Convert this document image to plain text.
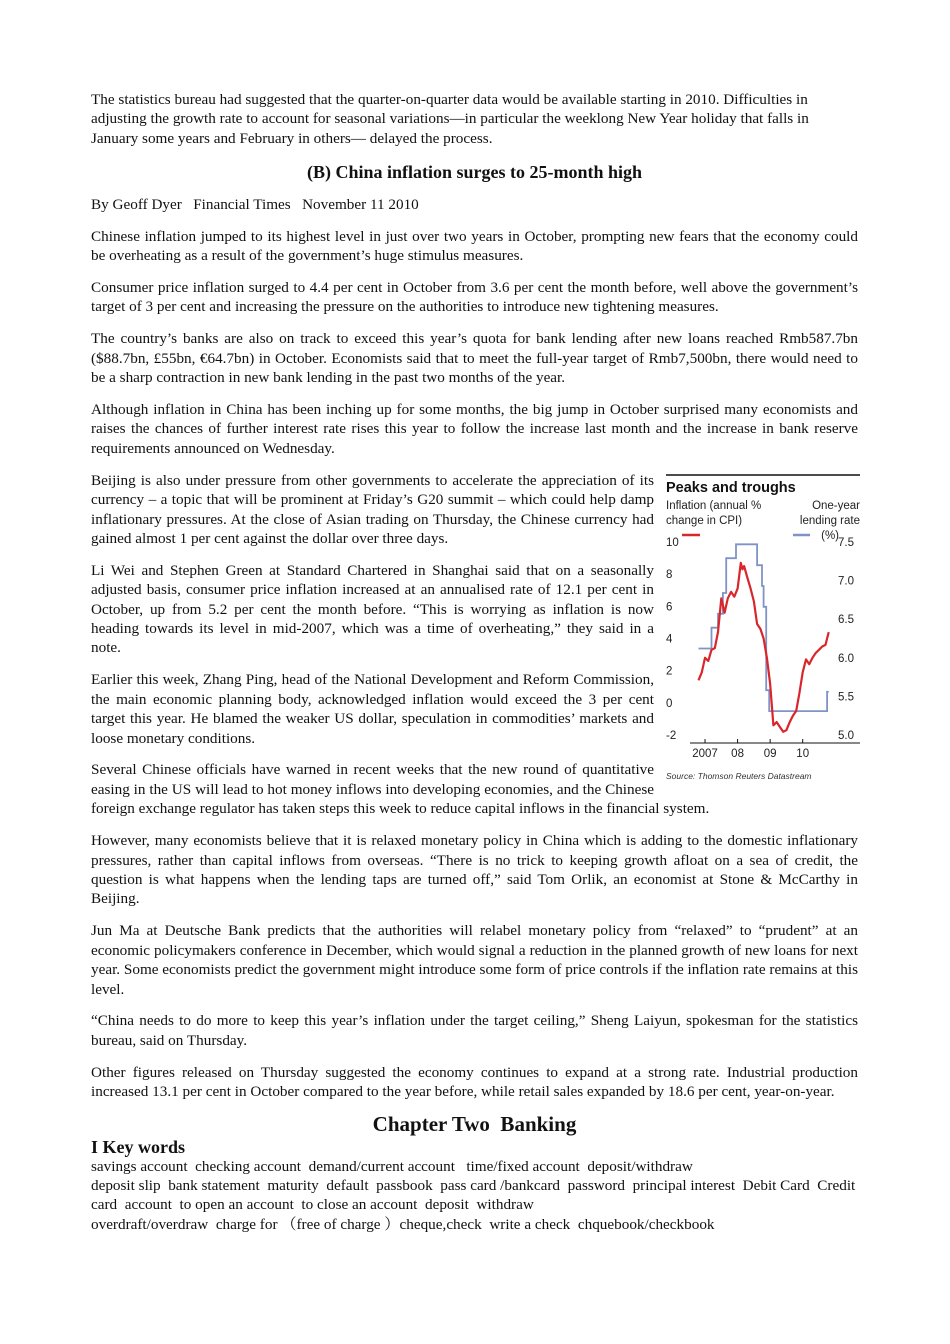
The statistics bureau had suggested that the quarter-on-quarter data would be available starting in 2010. Difficulties in adjusting the growth rate to account for seasonal variations—in particular the weeklong New Year holiday that falls in January some years and February in others— delayed the process.

(B) China inflation surges to 25-month high

By Geoff Dyer   Financial Times   November 11 2010

Chinese inflation jumped to its highest level in just over two years in October, prompting new fears that the economy could be overheating as a result of the government’s huge stimulus measures.

Consumer price inflation surged to 4.4 per cent in October from 3.6 per cent the month before, well above the government’s target of 3 per cent and increasing the pressure on the authorities to introduce new tightening measures.

The country’s banks are also on track to exceed this year’s quota for bank lending after new loans reached Rmb587.7bn ($88.7bn, £55bn, €64.7bn) in October. Economists said that to meet the full-year target of Rmb7,500bn, there would need to be a sharp contraction in new bank lending in the past two months of the year.

Although inflation in China has been inching up for some months, the big jump in October surprised many economists and raises the chances of further interest rate rises this year to follow the increase last month and the increase in bank reserve requirements announced on Wednesday.

Peaks and troughs
Inflation (annual %
change in CPI)
One-year
lending rate
(%)
10
8
6
4
2
0
-2
7.5
7.0
6.5
6.0
5.5
5.0
2007 08 09 10
Source: Thomson Reuters Datastream

Beijing is also under pressure from other governments to accelerate the appreciation of its currency – a topic that will be prominent at Friday’s G20 summit – which could help damp inflationary pressures. At the close of Asian trading on Thursday, the Chinese currency had gained almost 1 per cent against the dollar over three days.

Li Wei and Stephen Green at Standard Chartered in Shanghai said that on a seasonally adjusted basis, consumer price inflation increased at an annualised rate of 12.1 per cent in October, up from 5.2 per cent the month before. “This is worrying as inflation is now heading towards its level in mid-2007, which was a time of overheating,” they said in a note.

Earlier this week, Zhang Ping, head of the National Development and Reform Commission, the main economic planning body, acknowledged inflation would exceed the 3 per cent target this year. He blamed the weaker US dollar, speculation in commodities’ markets and loose monetary conditions.

Several Chinese officials have warned in recent weeks that the new round of quantitative easing in the US will lead to hot money inflows into developing economies, and the Chinese foreign exchange regulator has taken steps this week to reduce capital inflows in the financial system.

However, many economists believe that it is relaxed monetary policy in China which is adding to the domestic inflationary pressures, rather than capital inflows from overseas. “There is no trick to keeping growth afloat on a sea of credit, the question is what happens when the lending taps are turned off,” said Tom Orlik, an economist at Stone & McCarthy in Beijing.

Jun Ma at Deutsche Bank predicts that the authorities will relabel monetary policy from “relaxed” to “prudent” at an economic policymakers conference in December, which would signal a reduction in the planned growth of new loans for next year. Some economists predict the government might introduce some form of price controls if the inflation rate remains at this level.

“China needs to do more to keep this year’s inflation under the target ceiling,” Sheng Laiyun, spokesman for the statistics bureau, said on Thursday.

Other figures released on Thursday suggested the economy continues to expand at a strong rate. Industrial production increased 13.1 per cent in October compared to the year before, while retail sales expanded by 18.6 per cent, year-on-year.

Chapter Two  Banking
I Key words
savings account  checking account  demand/current account   time/fixed account  deposit/withdraw
deposit slip  bank statement  maturity  default  passbook  pass card /bankcard  password  principal interest  Debit Card  Credit card  account  to open an account  to close an account  deposit  withdraw
overdraft/overdraw  charge for （free of charge ）cheque,check  write a check  chquebook/checkbook
